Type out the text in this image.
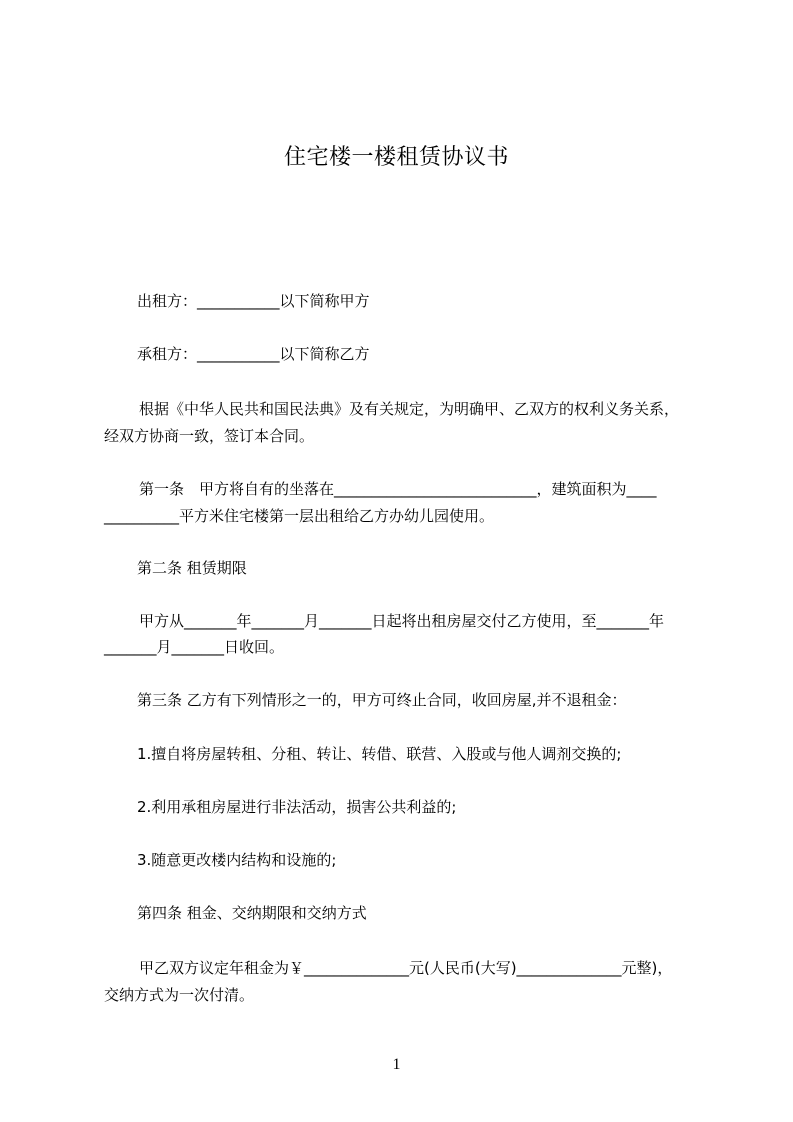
住宅楼一楼租赁协议书
出租方：___________以下简称甲方
承租方：___________以下简称乙方
根据《中华人民共和国民法典》及有关规定，为明确甲、乙双方的权利义务关系，
经双方协商一致，签订本合同。
第一条　甲方将自有的坐落在___________________________，建筑面积为____
__________平方米住宅楼第一层出租给乙方办幼儿园使用。
第二条 租赁期限
甲方从_______年_______月_______日起将出租房屋交付乙方使用，至_______年
_______月_______日收回。
第三条 乙方有下列情形之一的，甲方可终止合同，收回房屋,并不退租金：
1.擅自将房屋转租、分租、转让、转借、联营、入股或与他人调剂交换的;
2.利用承租房屋进行非法活动，损害公共利益的;
3.随意更改楼内结构和设施的;
第四条 租金、交纳期限和交纳方式
甲乙双方议定年租金为￥______________元(人民币(大写)______________元整)，
交纳方式为一次付清。
1
